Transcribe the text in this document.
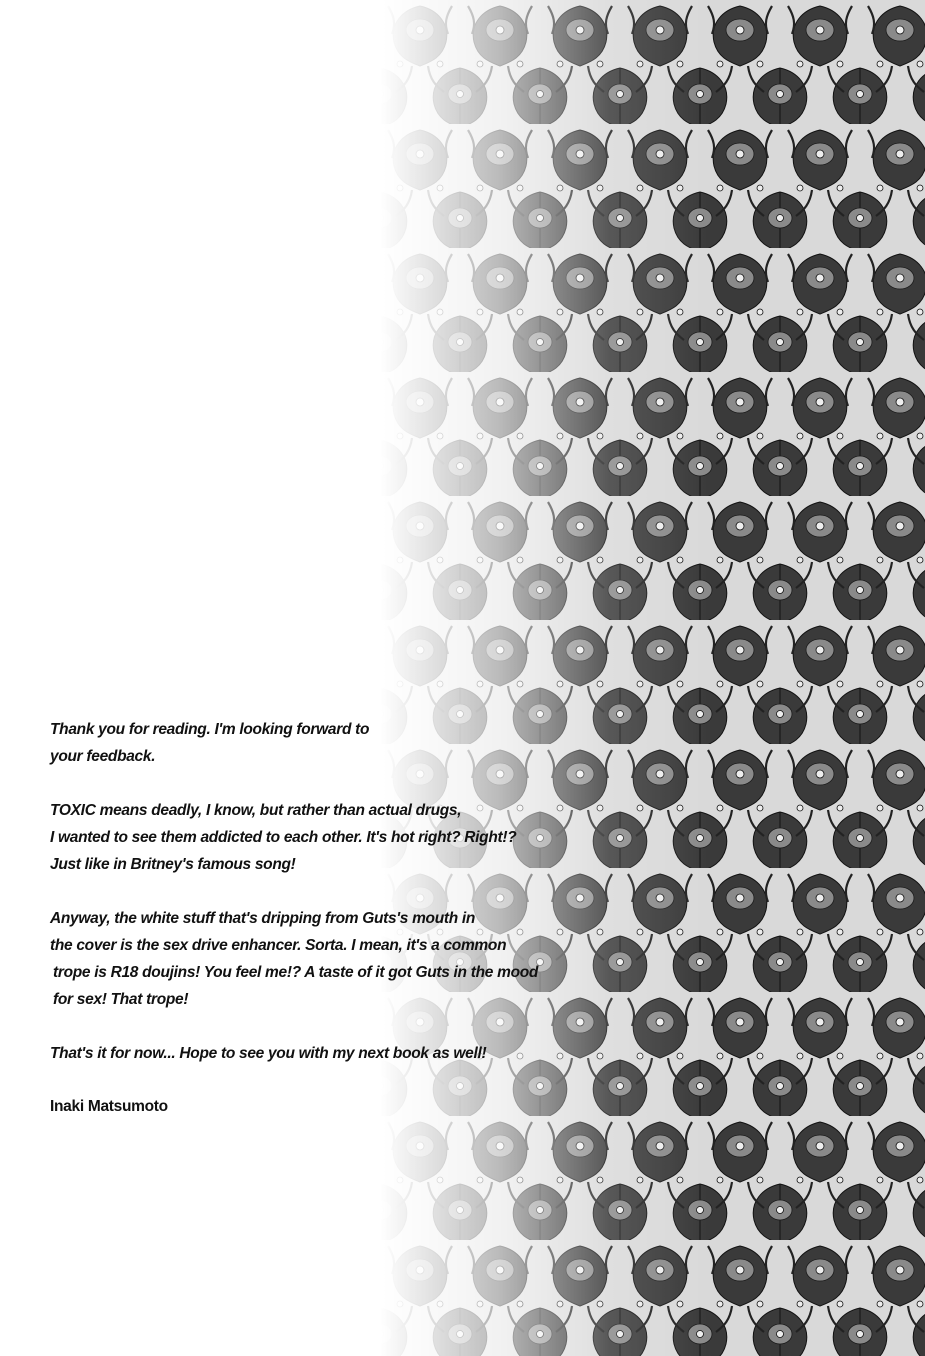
Thank you for reading. I'm looking forward to
your feedback.
TOXIC means deadly, I know, but rather than actual drugs,
I wanted to see them addicted to each other. It's hot right? Right!?
Just like in Britney's famous song!
Anyway, the white stuff that's dripping from Guts's mouth in
the cover is the sex drive enhancer. Sorta. I mean, it's a common
trope is R18 doujins! You feel me!? A taste of it got Guts in the mood
for sex! That trope!
That's it for now... Hope to see you with my next book as well!
Inaki Matsumoto
